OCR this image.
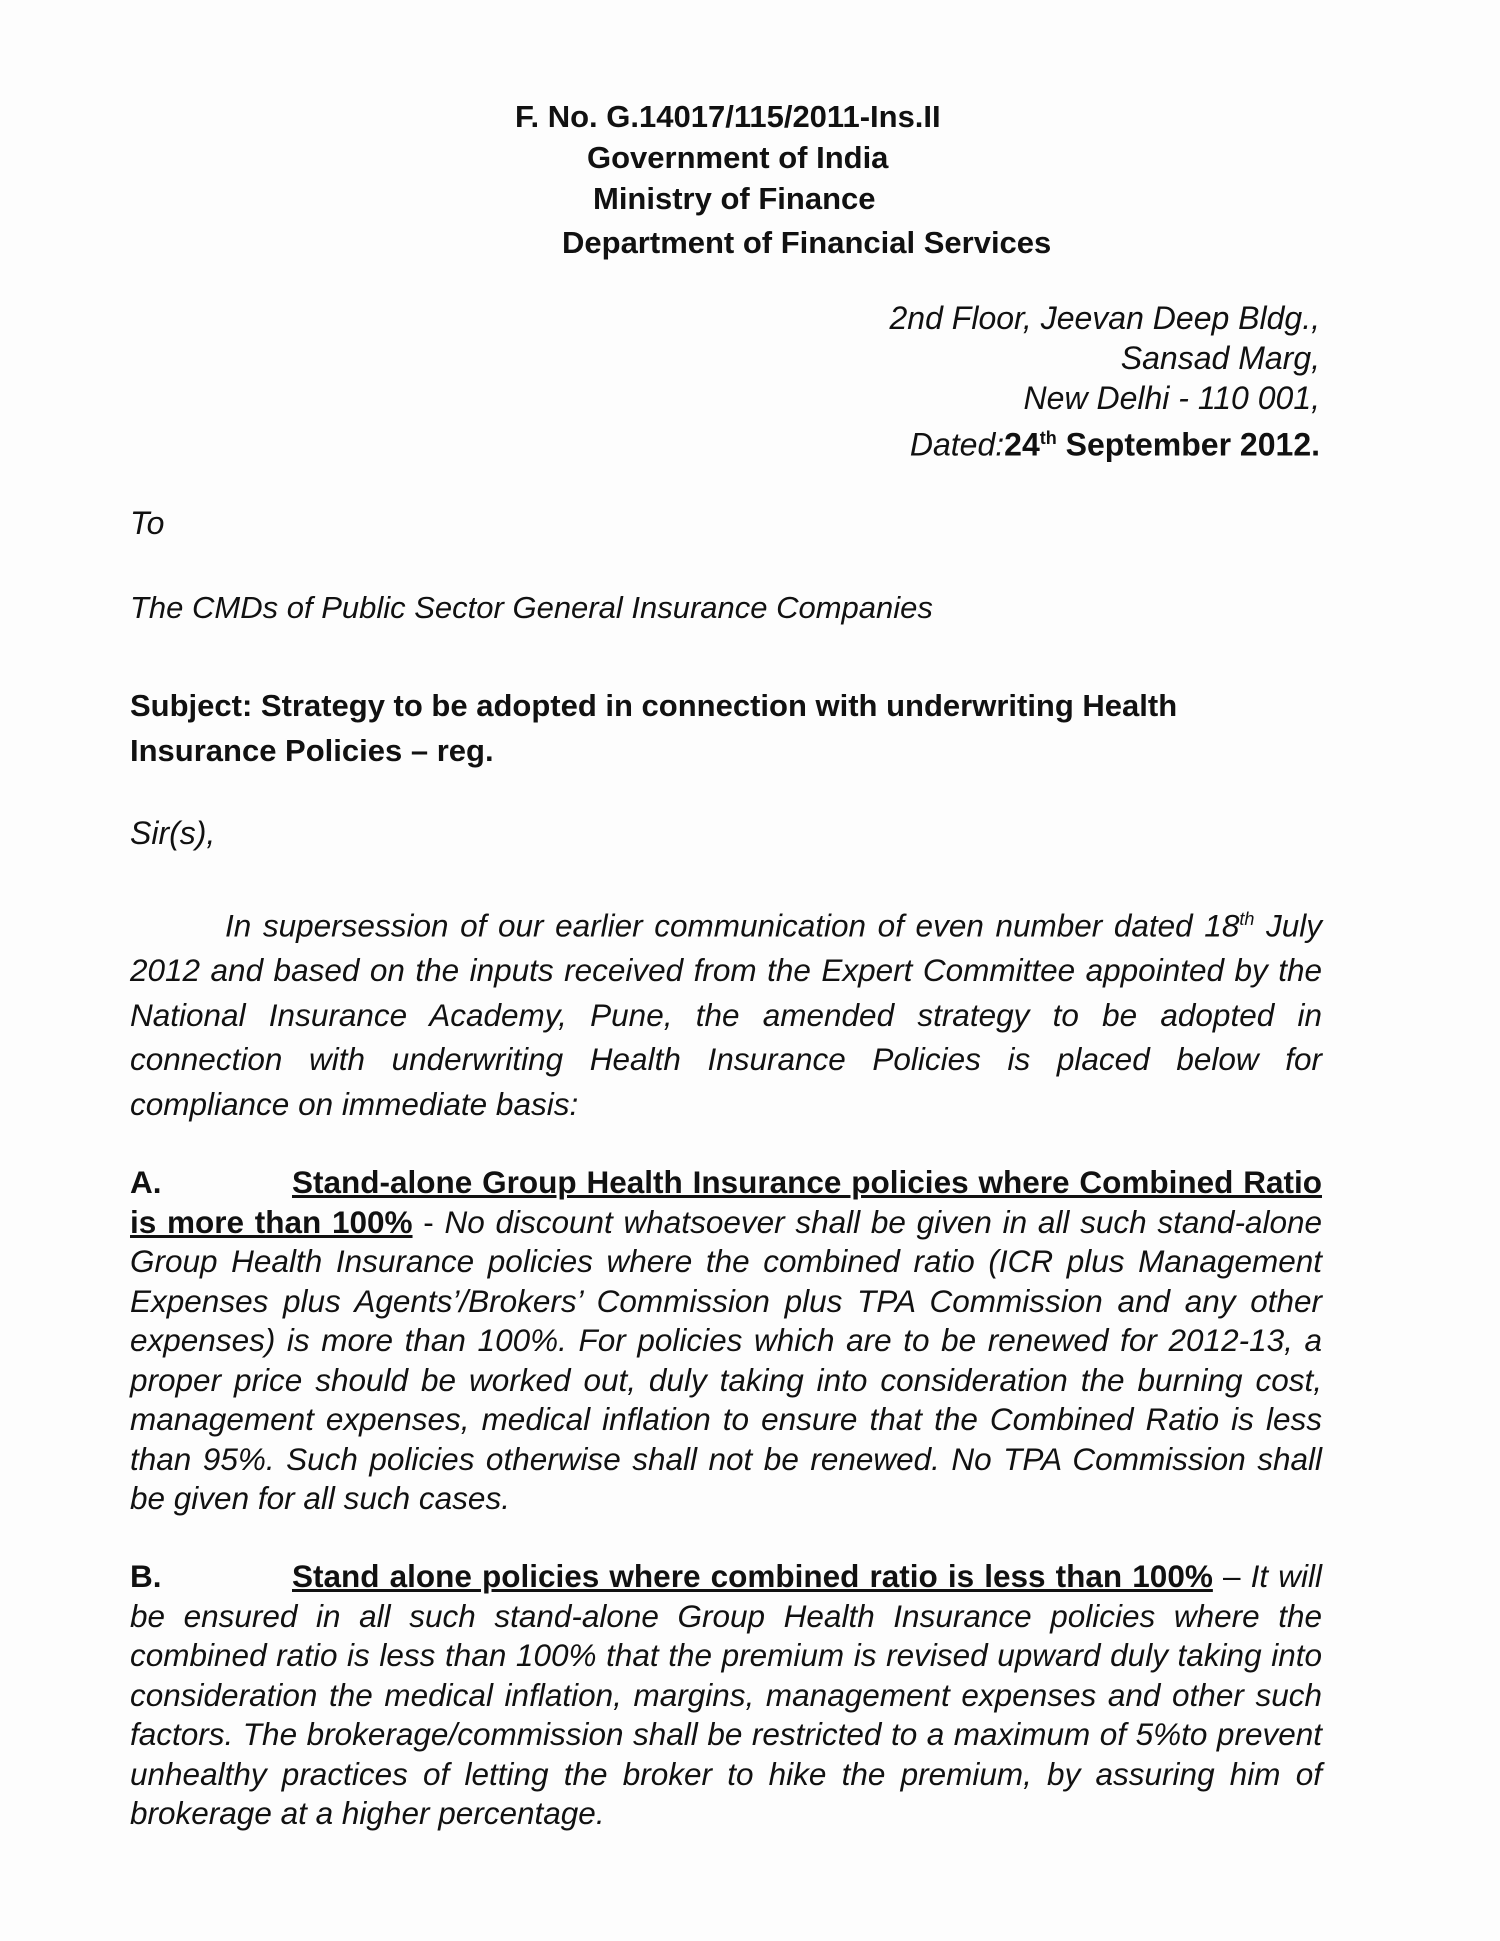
F. No. G.14017/115/2011-Ins.II
Government of India
Ministry of Finance
Department of Financial Services
2nd Floor, Jeevan Deep Bldg.,
Sansad Marg,
New Delhi - 110 001,
Dated:24th September 2012.
To
The CMDs of Public Sector General Insurance Companies
Subject: Strategy to be adopted in connection with underwriting Health Insurance Policies – reg.
Sir(s),
In supersession of our earlier communication of even number dated 18th July 2012 and based on the inputs received from the Expert Committee appointed by the National Insurance Academy, Pune, the amended strategy to be adopted in connection with underwriting Health Insurance Policies is placed below for compliance on immediate basis:
A.	Stand-alone Group Health Insurance policies where Combined Ratio is more than 100% - No discount whatsoever shall be given in all such stand-alone Group Health Insurance policies where the combined ratio (ICR plus Management Expenses plus Agents’/Brokers’ Commission plus TPA Commission and any other expenses) is more than 100%. For policies which are to be renewed for 2012-13, a proper price should be worked out, duly taking into consideration the burning cost, management expenses, medical inflation to ensure that the Combined Ratio is less than 95%. Such policies otherwise shall not be renewed. No TPA Commission shall be given for all such cases.
B.	Stand alone policies where combined ratio is less than 100% – It will be ensured in all such stand-alone Group Health Insurance policies where the combined ratio is less than 100% that the premium is revised upward duly taking into consideration the medical inflation, margins, management expenses and other such factors. The brokerage/commission shall be restricted to a maximum of 5%to prevent unhealthy practices of letting the broker to hike the premium, by assuring him of brokerage at a higher percentage.
